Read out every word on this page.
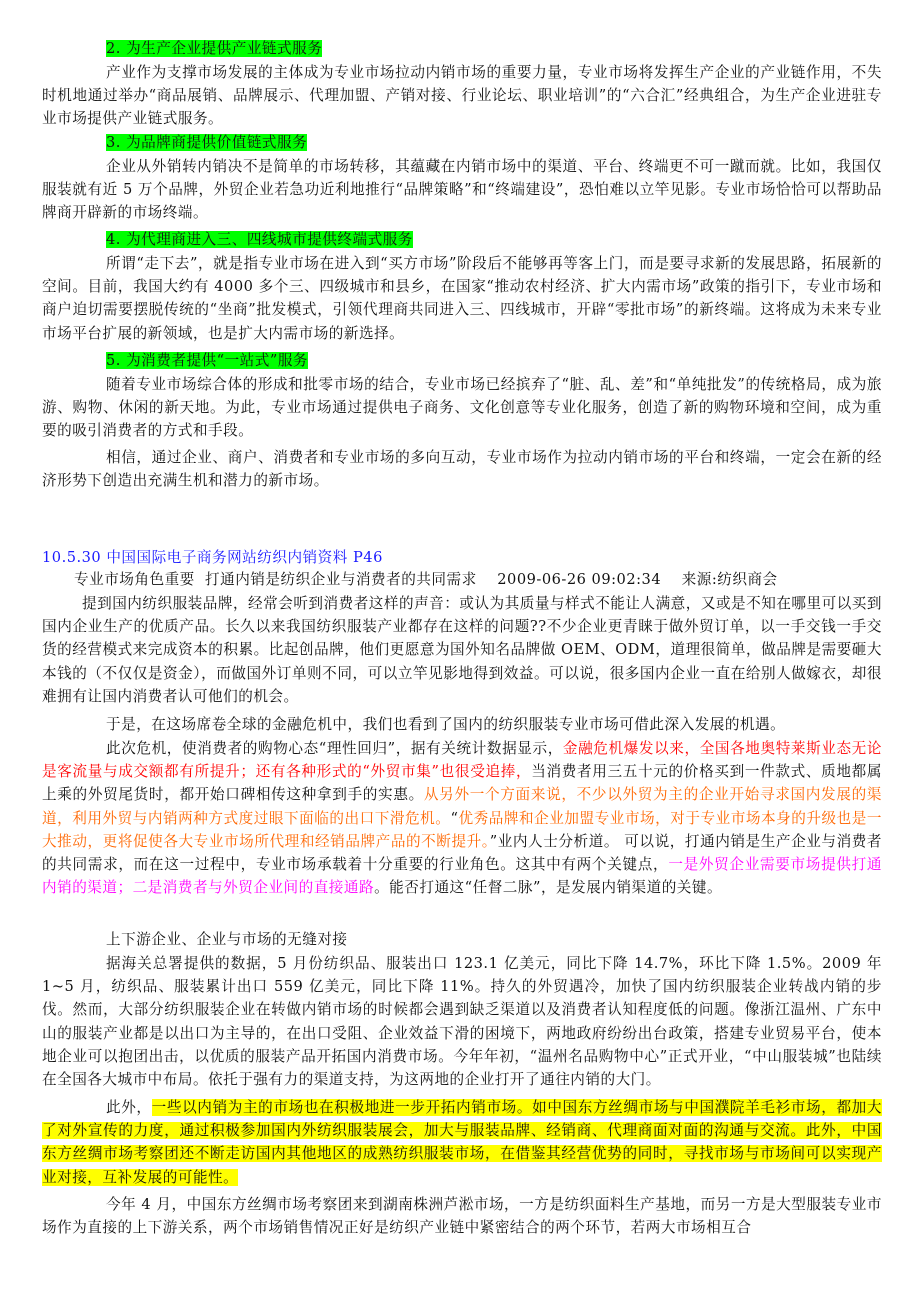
2. 为生产企业提供产业链式服务

产业作为支撑市场发展的主体成为专业市场拉动内销市场的重要力量，专业市场将发挥生产企业的产业链作用，不失时机地通过举办“商品展销、品牌展示、代理加盟、产销对接、行业论坛、职业培训”的“六合汇”经典组合，为生产企业进驻专业市场提供产业链式服务。

3. 为品牌商提供价值链式服务

企业从外销转内销决不是简单的市场转移，其蕴藏在内销市场中的渠道、平台、终端更不可一蹴而就。比如，我国仅服装就有近 5 万个品牌，外贸企业若急功近利地推行“品牌策略”和“终端建设”，恐怕难以立竿见影。专业市场恰恰可以帮助品牌商开辟新的市场终端。

4. 为代理商进入三、四线城市提供终端式服务

所谓“走下去”，就是指专业市场在进入到“买方市场”阶段后不能够再等客上门，而是要寻求新的发展思路，拓展新的空间。目前，我国大约有 4000 多个三、四级城市和县乡，在国家“推动农村经济、扩大内需市场”政策的指引下，专业市场和商户迫切需要摆脱传统的“坐商”批发模式，引领代理商共同进入三、四线城市，开辟“零批市场”的新终端。这将成为未来专业市场平台扩展的新领域，也是扩大内需市场的新选择。

5. 为消费者提供“一站式”服务

随着专业市场综合体的形成和批零市场的结合，专业市场已经摈弃了“脏、乱、差”和“单纯批发”的传统格局，成为旅游、购物、休闲的新天地。为此，专业市场通过提供电子商务、文化创意等专业化服务，创造了新的购物环境和空间，成为重要的吸引消费者的方式和手段。

相信，通过企业、商户、消费者和专业市场的多向互动，专业市场作为拉动内销市场的平台和终端，一定会在新的经济形势下创造出充满生机和潜力的新市场。

10.5.30 中国国际电子商务网站纺织内销资料 P46
专业市场角色重要  打通内销是纺织企业与消费者的共同需求    2009-06-26 09:02:34    来源:纺织商会

提到国内纺织服装品牌，经常会听到消费者这样的声音：或认为其质量与样式不能让人满意，又或是不知在哪里可以买到国内企业生产的优质产品。长久以来我国纺织服装产业都存在这样的问题??不少企业更青睐于做外贸订单，以一手交钱一手交货的经营模式来完成资本的积累。比起创品牌，他们更愿意为国外知名品牌做 OEM、ODM，道理很简单，做品牌是需要砸大本钱的（不仅仅是资金），而做国外订单则不同，可以立竿见影地得到效益。可以说，很多国内企业一直在给别人做嫁衣，却很难拥有让国内消费者认可他们的机会。

于是，在这场席卷全球的金融危机中，我们也看到了国内的纺织服装专业市场可借此深入发展的机遇。

此次危机，使消费者的购物心态“理性回归”，据有关统计数据显示，金融危机爆发以来，全国各地奥特莱斯业态无论是客流量与成交额都有所提升；还有各种形式的“外贸市集”也很受追捧，当消费者用三五十元的价格买到一件款式、质地都属上乘的外贸尾货时，都开始口碑相传这种拿到手的实惠。从另外一个方面来说，不少以外贸为主的企业开始寻求国内发展的渠道，利用外贸与内销两种方式度过眼下面临的出口下滑危机。“优秀品牌和企业加盟专业市场，对于专业市场本身的升级也是一大推动，更将促使各大专业市场所代理和经销品牌产品的不断提升。”业内人士分析道。 可以说，打通内销是生产企业与消费者的共同需求，而在这一过程中，专业市场承载着十分重要的行业角色。这其中有两个关键点，一是外贸企业需要市场提供打通内销的渠道；二是消费者与外贸企业间的直接通路。能否打通这“任督二脉”，是发展内销渠道的关键。

上下游企业、企业与市场的无缝对接

据海关总署提供的数据，5 月份纺织品、服装出口 123.1 亿美元，同比下降 14.7%，环比下降 1.5%。2009 年 1~5 月，纺织品、服装累计出口 559 亿美元，同比下降 11%。持久的外贸遇冷，加快了国内纺织服装企业转战内销的步伐。然而，大部分纺织服装企业在转做内销市场的时候都会遇到缺乏渠道以及消费者认知程度低的问题。像浙江温州、广东中山的服装产业都是以出口为主导的，在出口受阻、企业效益下滑的困境下，两地政府纷纷出台政策，搭建专业贸易平台，使本地企业可以抱团出击，以优质的服装产品开拓国内消费市场。今年年初，“温州名品购物中心”正式开业，“中山服装城”也陆续在全国各大城市中布局。依托于强有力的渠道支持，为这两地的企业打开了通往内销的大门。

此外，一些以内销为主的市场也在积极地进一步开拓内销市场。如中国东方丝绸市场与中国濮院羊毛衫市场，都加大了对外宣传的力度，通过积极参加国内外纺织服装展会，加大与服装品牌、经销商、代理商面对面的沟通与交流。此外，中国东方丝绸市场考察团还不断走访国内其他地区的成熟纺织服装市场，在借鉴其经营优势的同时，寻找市场与市场间可以实现产业对接，互补发展的可能性。

今年 4 月，中国东方丝绸市场考察团来到湖南株洲芦淞市场，一方是纺织面料生产基地，而另一方是大型服装专业市场作为直接的上下游关系，两个市场销售情况正好是纺织产业链中紧密结合的两个环节，若两大市场相互合
